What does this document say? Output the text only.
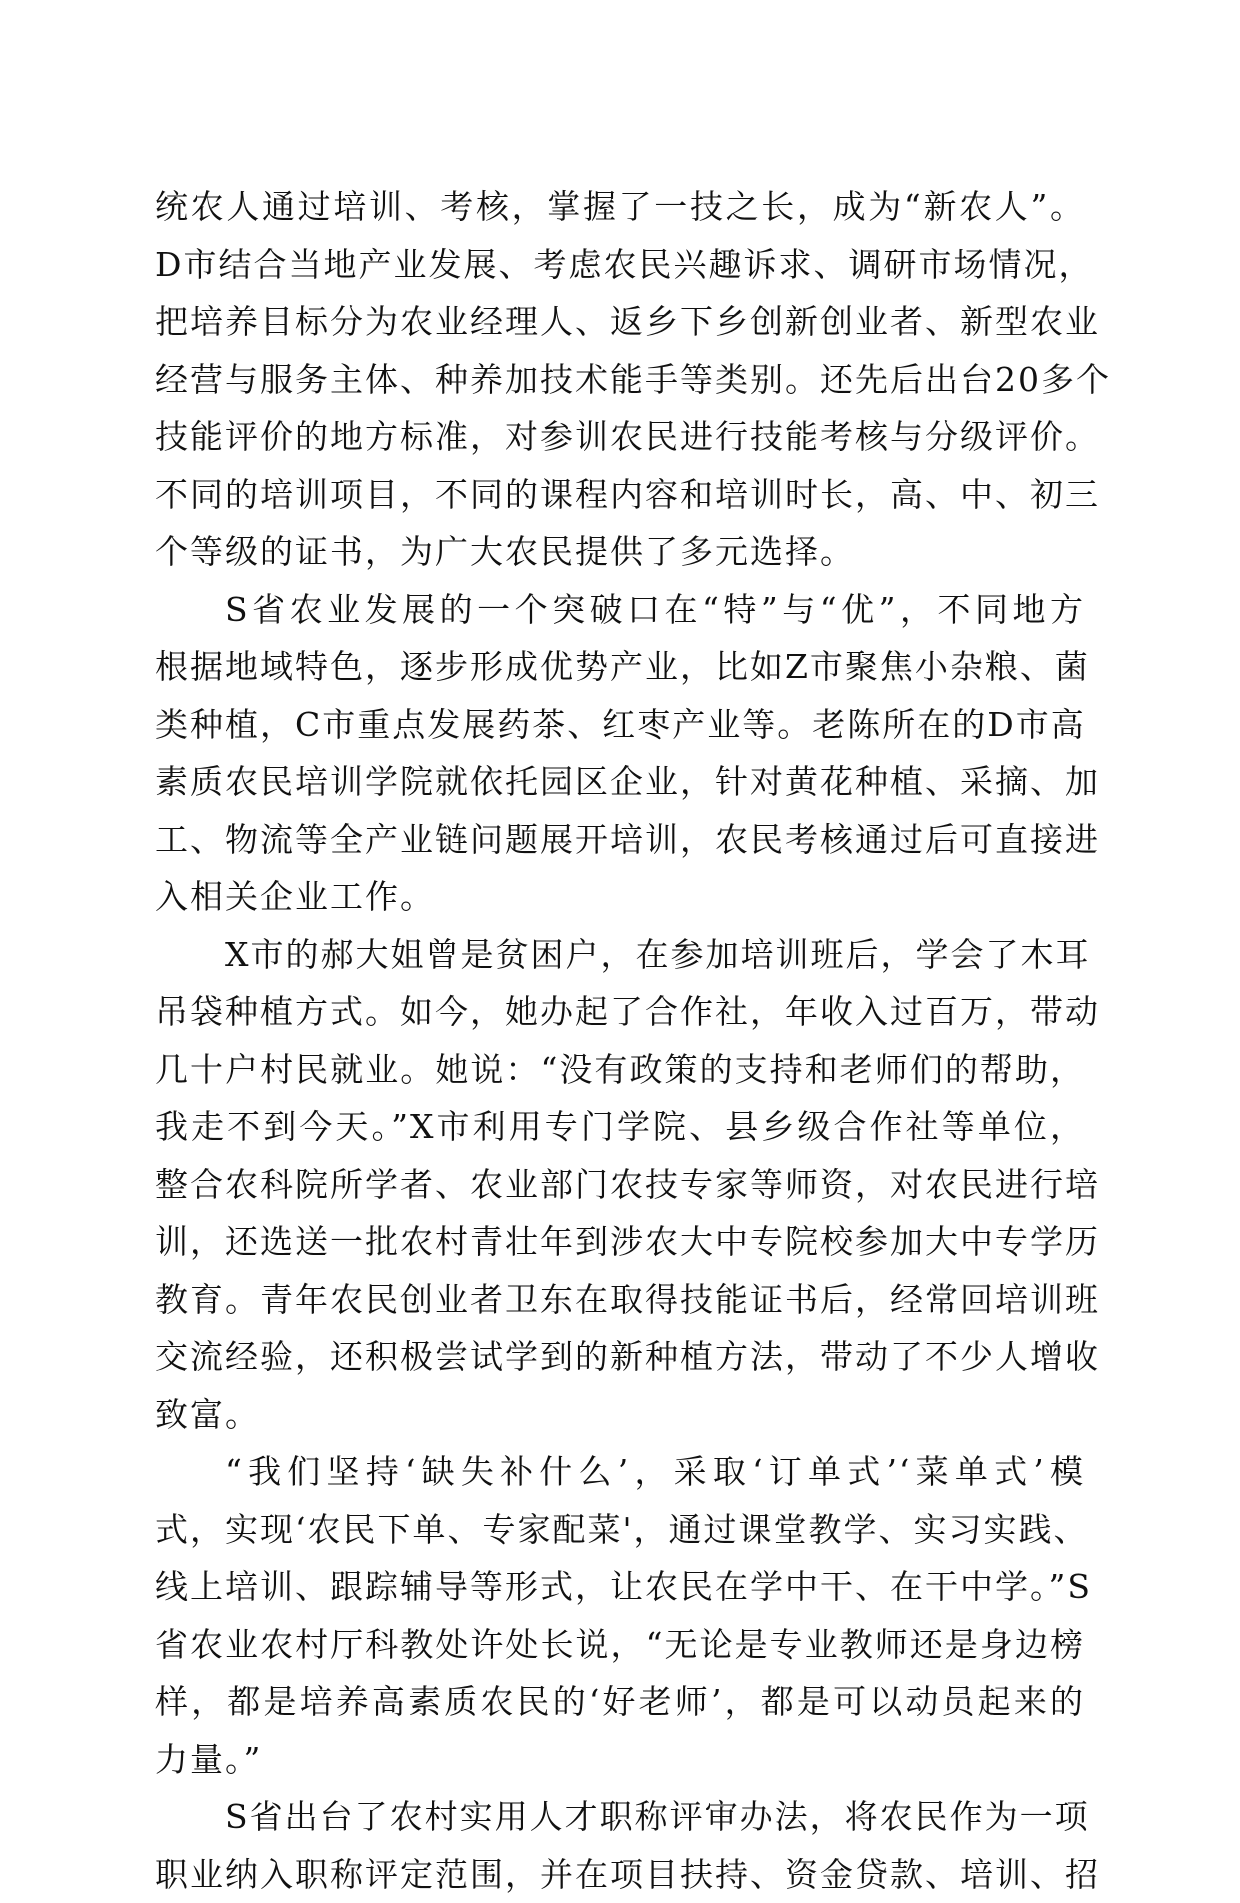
统农人通过培训、考核，掌握了一技之长，成为“新农人”。
D市结合当地产业发展、考虑农民兴趣诉求、调研市场情况，
把培养目标分为农业经理人、返乡下乡创新创业者、新型农业
经营与服务主体、种养加技术能手等类别。还先后出台20多个
技能评价的地方标准，对参训农民进行技能考核与分级评价。
不同的培训项目，不同的课程内容和培训时长，高、中、初三
个等级的证书，为广大农民提供了多元选择。
S省农业发展的一个突破口在“特”与“优”，不同地方
根据地域特色，逐步形成优势产业，比如Z市聚焦小杂粮、菌
类种植，C市重点发展药茶、红枣产业等。老陈所在的D市高
素质农民培训学院就依托园区企业，针对黄花种植、采摘、加
工、物流等全产业链问题展开培训，农民考核通过后可直接进
入相关企业工作。
X市的郝大姐曾是贫困户，在参加培训班后，学会了木耳
吊袋种植方式。如今，她办起了合作社，年收入过百万，带动
几十户村民就业。她说：“没有政策的支持和老师们的帮助，
我走不到今天。”X市利用专门学院、县乡级合作社等单位，
整合农科院所学者、农业部门农技专家等师资，对农民进行培
训，还选送一批农村青壮年到涉农大中专院校参加大中专学历
教育。青年农民创业者卫东在取得技能证书后，经常回培训班
交流经验，还积极尝试学到的新种植方法，带动了不少人增收
致富。
“我们坚持‘缺失补什么’，采取‘订单式’‘菜单式’模
式，实现‘农民下单、专家配菜'，通过课堂教学、实习实践、
线上培训、跟踪辅导等形式，让农民在学中干、在干中学。”S
省农业农村厅科教处许处长说，“无论是专业教师还是身边榜
样，都是培养高素质农民的‘好老师’，都是可以动员起来的
力量。”
S省出台了农村实用人才职称评审办法，将农民作为一项
职业纳入职称评定范围，并在项目扶持、资金贷款、培训、招
